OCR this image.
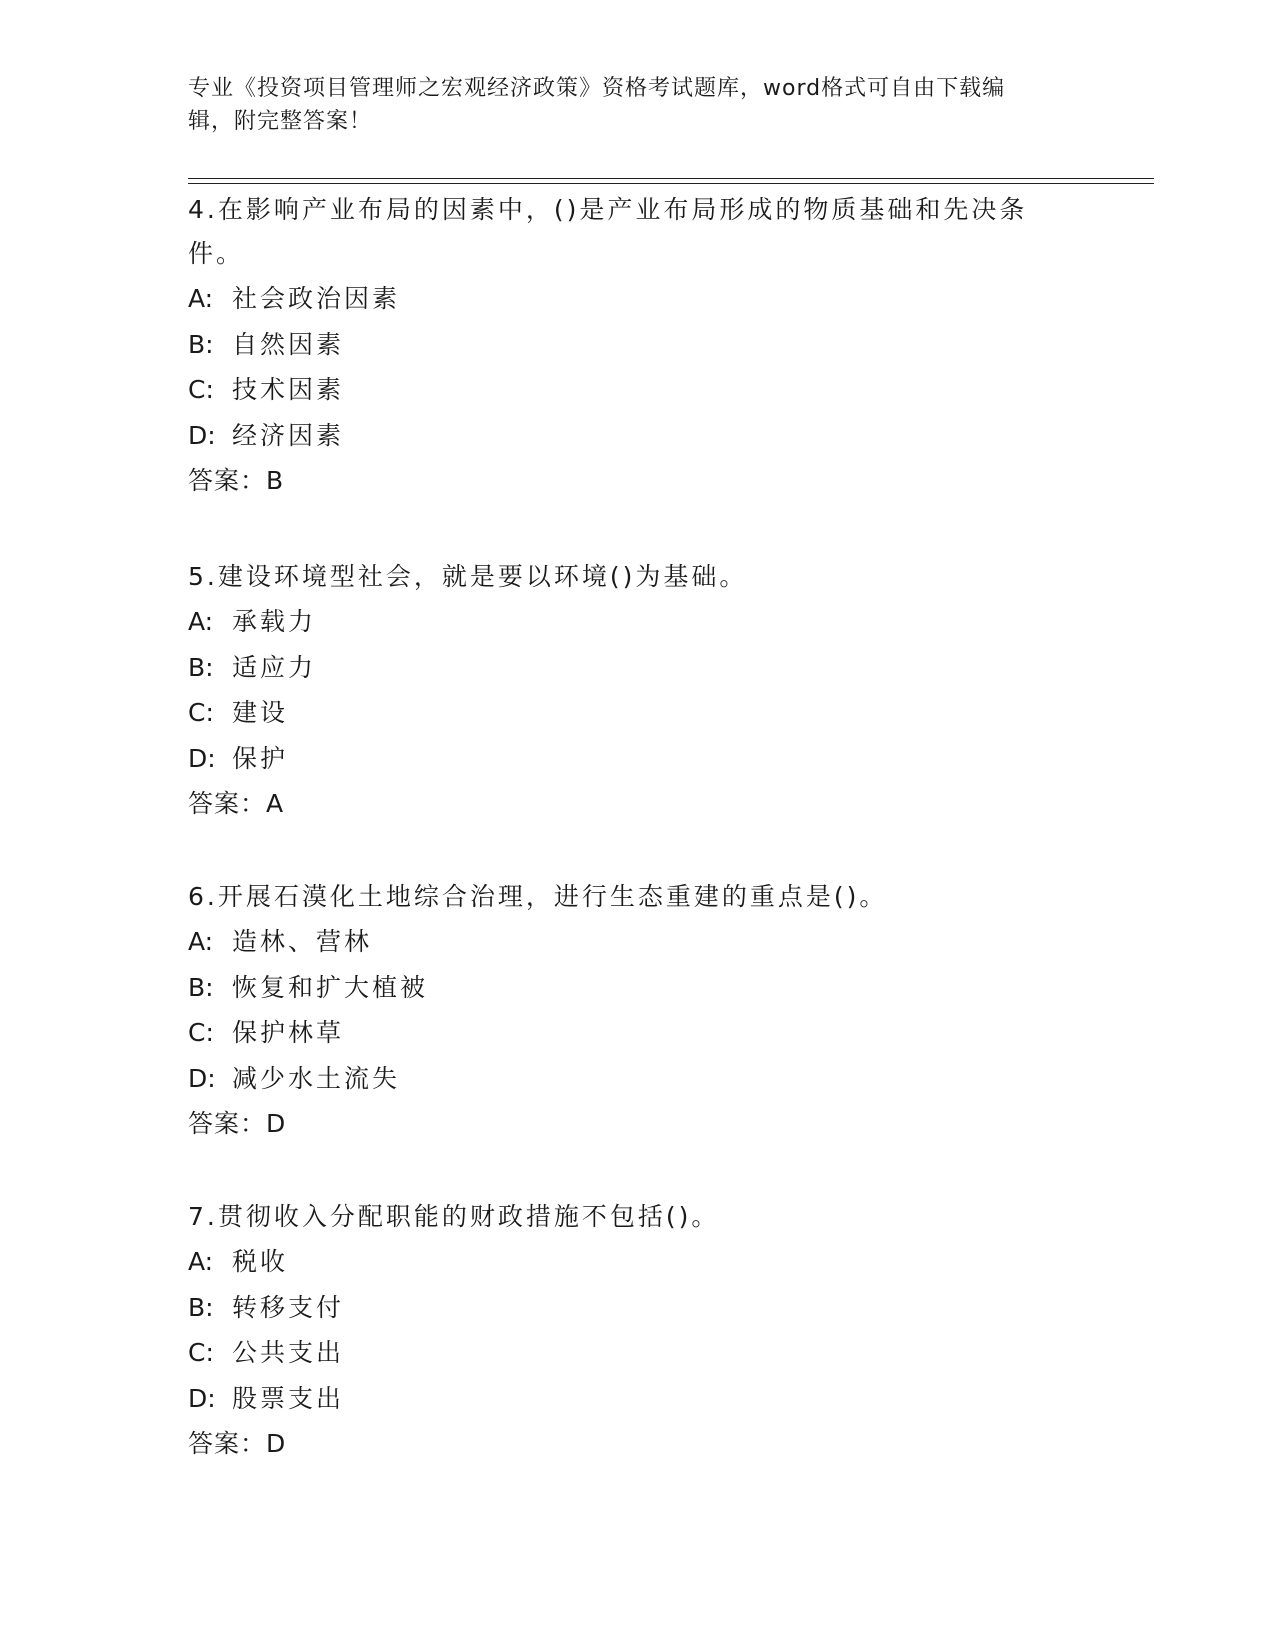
专业《投资项目管理师之宏观经济政策》资格考试题库，word格式可自由下载编
辑，附完整答案！

4.在影响产业布局的因素中，()是产业布局形成的物质基础和先决条

件。

A: 社会政治因素

B: 自然因素

C: 技术因素

D: 经济因素

答案：B

5.建设环境型社会，就是要以环境()为基础。

A: 承载力

B: 适应力

C: 建设

D: 保护

答案：A

6.开展石漠化土地综合治理，进行生态重建的重点是()。

A: 造林、营林

B: 恢复和扩大植被

C: 保护林草

D: 减少水土流失

答案：D

7.贯彻收入分配职能的财政措施不包括()。

A: 税收

B: 转移支付

C: 公共支出

D: 股票支出

答案：D
